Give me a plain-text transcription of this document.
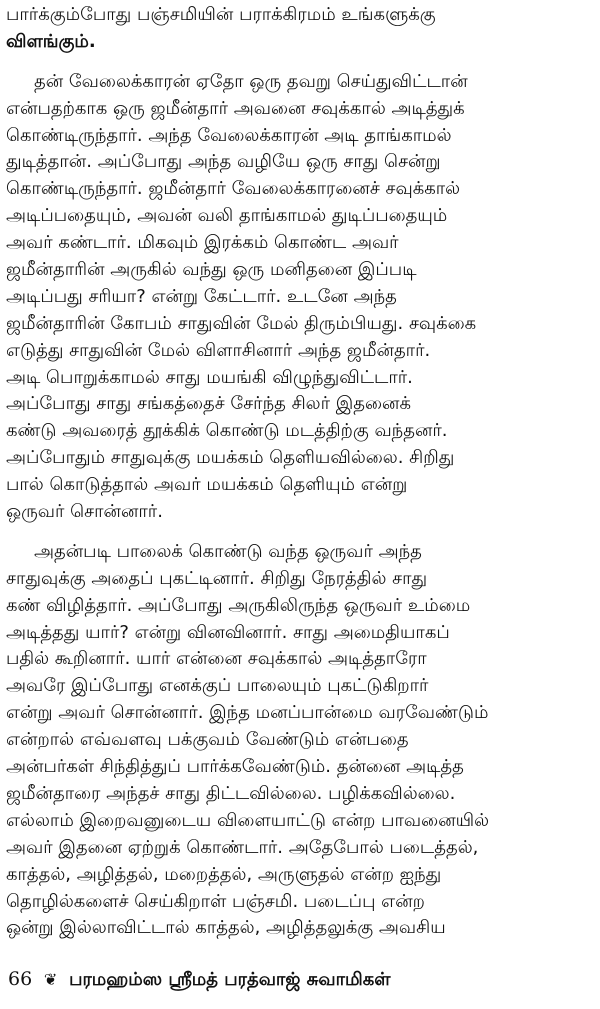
பார்க்கும்போது பஞ்சமியின் பராக்கிரமம் உங்களுக்கு
விளங்கும்.
தன் வேலைக்காரன் ஏதோ ஒரு தவறு செய்துவிட்டான்
என்பதற்காக ஒரு ஜமீன்தார் அவனை சவுக்கால் அடித்துக்
கொண்டிருந்தார். அந்த வேலைக்காரன் அடி தாங்காமல்
துடித்தான். அப்போது அந்த வழியே ஒரு சாது சென்று
கொண்டிருந்தார். ஜமீன்தார் வேலைக்காரனைச் சவுக்கால்
அடிப்பதையும், அவன் வலி தாங்காமல் துடிப்பதையும்
அவர் கண்டார். மிகவும் இரக்கம் கொண்ட அவர்
ஜமீன்தாரின் அருகில் வந்து ஒரு மனிதனை இப்படி
அடிப்பது சரியா? என்று கேட்டார். உடனே அந்த
ஜமீன்தாரின் கோபம் சாதுவின் மேல் திரும்பியது. சவுக்கை
எடுத்து சாதுவின் மேல் விளாசினார் அந்த ஜமீன்தார்.
அடி பொறுக்காமல் சாது மயங்கி விழுந்துவிட்டார்.
அப்போது சாது சங்கத்தைச் சேர்ந்த சிலர் இதனைக்
கண்டு அவரைத் தூக்கிக் கொண்டு மடத்திற்கு வந்தனர்.
அப்போதும் சாதுவுக்கு மயக்கம் தெளியவில்லை. சிறிது
பால் கொடுத்தால் அவர் மயக்கம் தெளியும் என்று
ஒருவர் சொன்னார்.
அதன்படி பாலைக் கொண்டு வந்த ஒருவர் அந்த
சாதுவுக்கு அதைப் புகட்டினார். சிறிது நேரத்தில் சாது
கண் விழித்தார். அப்போது அருகிலிருந்த ஒருவர் உம்மை
அடித்தது யார்? என்று வினவினார். சாது அமைதியாகப்
பதில் கூறினார். யார் என்னை சவுக்கால் அடித்தாரோ
அவரே இப்போது எனக்குப் பாலையும் புகட்டுகிறார்
என்று அவர் சொன்னார். இந்த மனப்பான்மை வரவேண்டும்
என்றால் எவ்வளவு பக்குவம் வேண்டும் என்பதை
அன்பர்கள் சிந்தித்துப் பார்க்கவேண்டும். தன்னை அடித்த
ஜமீன்தாரை அந்தச் சாது திட்டவில்லை. பழிக்கவில்லை.
எல்லாம் இறைவனுடைய விளையாட்டு என்ற பாவனையில்
அவர் இதனை ஏற்றுக் கொண்டார். அதேபோல் படைத்தல்,
காத்தல், அழித்தல், மறைத்தல், அருளுதல் என்ற ஐந்து
தொழில்களைச் செய்கிறாள் பஞ்சமி. படைப்பு என்ற
ஒன்று இல்லாவிட்டால் காத்தல், அழித்தலுக்கு அவசிய
66 ❦ பரமஹம்ஸ ஸ்ரீமத் பரத்வாஜ் சுவாமிகள்
